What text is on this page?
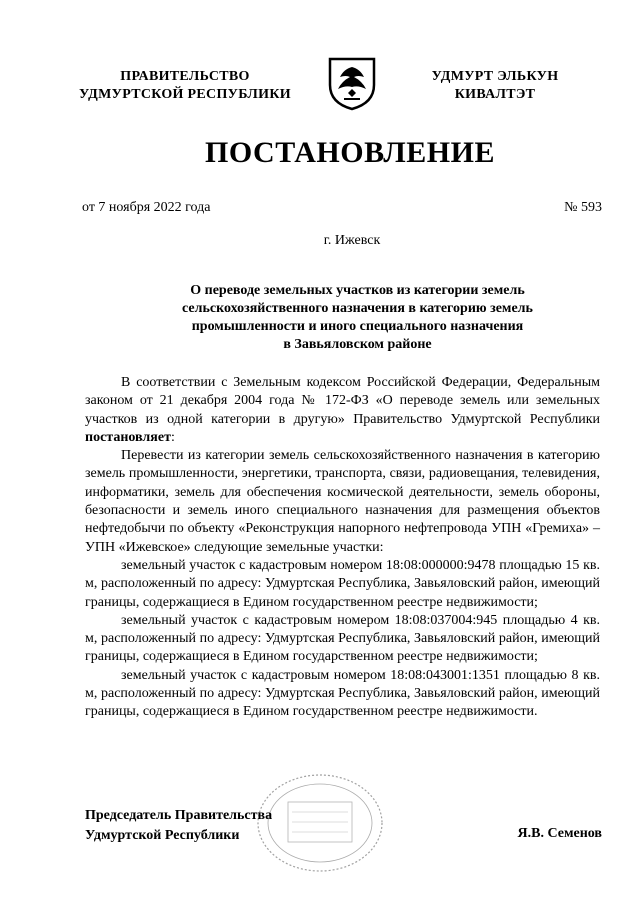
ПРАВИТЕЛЬСТВО
УДМУРТСКОЙ РЕСПУБЛИКИ
УДМУРТ ЭЛЬКУН
КИВАЛТЭТ
ПОСТАНОВЛЕНИЕ
от 7 ноября 2022 года	№ 593
г. Ижевск
О переводе земельных участков из категории земель
сельскохозяйственного назначения в категорию земель
промышленности и иного специального назначения
в Завьяловском районе

В соответствии с Земельным кодексом Российской Федерации, Федеральным законом от 21 декабря 2004 года № 172-ФЗ «О переводе земель или земельных участков из одной категории в другую» Правительство Удмуртской Республики постановляет:

Перевести из категории земель сельскохозяйственного назначения в категорию земель промышленности, энергетики, транспорта, связи, радиовещания, телевидения, информатики, земель для обеспечения космической деятельности, земель обороны, безопасности и земель иного специального назначения для размещения объектов нефтедобычи по объекту «Реконструкция напорного нефтепровода УПН «Гремиха» – УПН «Ижевское» следующие земельные участки:

земельный участок с кадастровым номером 18:08:000000:9478 площадью 15 кв. м, расположенный по адресу: Удмуртская Республика, Завьяловский район, имеющий границы, содержащиеся в Едином государственном реестре недвижимости;

земельный участок с кадастровым номером 18:08:037004:945 площадью 4 кв. м, расположенный по адресу: Удмуртская Республика, Завьяловский район, имеющий границы, содержащиеся в Едином государственном реестре недвижимости;

земельный участок с кадастровым номером 18:08:043001:1351 площадью 8 кв. м, расположенный по адресу: Удмуртская Республика, Завьяловский район, имеющий границы, содержащиеся в Едином государственном реестре недвижимости.

Председатель Правительства
Удмуртской Республики	Я.В. Семенов
